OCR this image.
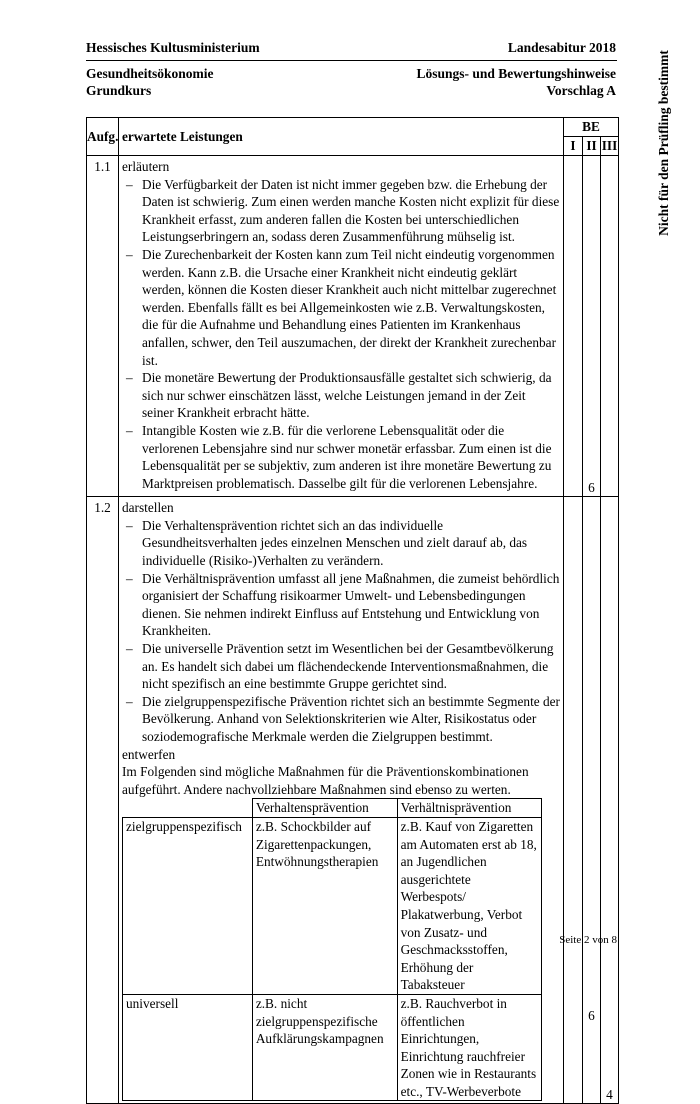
Hessisches Kultusministerium	Landesabitur 2018
Gesundheitsökonomie	Lösungs- und Bewertungshinweise
Grundkurs	Vorschlag A	Nicht für den Prüfling bestimmt
Aufg.	erwartete Leistungen	BE
I	II	III
1.1	erläutern
– Die Verfügbarkeit der Daten ist nicht immer gegeben bzw. die Erhebung der Daten ist schwierig. Zum einen werden manche Kosten nicht explizit für diese Krankheit erfasst, zum anderen fallen die Kosten bei unterschiedlichen Leistungserbringern an, sodass deren Zusammenführung mühselig ist.
– Die Zurechenbarkeit der Kosten kann zum Teil nicht eindeutig vorgenommen werden. Kann z.B. die Ursache einer Krankheit nicht eindeutig geklärt werden, können die Kosten dieser Krankheit auch nicht mittelbar zugerechnet werden. Ebenfalls fällt es bei Allgemeinkosten wie z.B. Verwaltungskosten, die für die Aufnahme und Behandlung eines Patienten im Krankenhaus anfallen, schwer, den Teil auszumachen, der direkt der Krankheit zurechenbar ist.
– Die monetäre Bewertung der Produktionsausfälle gestaltet sich schwierig, da sich nur schwer einschätzen lässt, welche Leistungen jemand in der Zeit seiner Krankheit erbracht hätte.
– Intangible Kosten wie z.B. für die verlorene Lebensqualität oder die verlorenen Lebensjahre sind nur schwer monetär erfassbar. Zum einen ist die Lebensqualität per se subjektiv, zum anderen ist ihre monetäre Bewertung zu Marktpreisen problematisch. Dasselbe gilt für die verlorenen Lebensjahre.		6	
1.2	darstellen
– Die Verhaltensprävention richtet sich an das individuelle Gesundheitsverhalten jedes einzelnen Menschen und zielt darauf ab, das individuelle (Risiko-)Verhalten zu verändern.
– Die Verhältnisprävention umfasst all jene Maßnahmen, die zumeist behördlich organisiert der Schaffung risikoarmer Umwelt- und Lebensbedingungen dienen. Sie nehmen indirekt Einfluss auf Entstehung und Entwicklung von Krankheiten.
– Die universelle Prävention setzt im Wesentlichen bei der Gesamtbevölkerung an. Es handelt sich dabei um flächendeckende Interventionsmaßnahmen, die nicht spezifisch an eine bestimmte Gruppe gerichtet sind.
– Die zielgruppenspezifische Prävention richtet sich an bestimmte Segmente der Bevölkerung. Anhand von Selektionskriterien wie Alter, Risikostatus oder soziodemografische Merkmale werden die Zielgruppen bestimmt.
entwerfen
Im Folgenden sind mögliche Maßnahmen für die Präventionskombinationen aufgeführt. Andere nachvollziehbare Maßnahmen sind ebenso zu werten.
	Verhaltensprävention	Verhältnisprävention
zielgruppenspezifisch	z.B. Schockbilder auf Zigarettenpackungen, Entwöhnungstherapien	z.B. Kauf von Zigaretten am Automaten erst ab 18, an Jugendlichen ausgerichtete Werbespots/ Plakatwerbung, Verbot von Zusatz- und Geschmacksstoffen, Erhöhung der Tabaksteuer
universell	z.B. nicht zielgruppenspezifische Aufklärungskampagnen	z.B. Rauchverbot in öffentlichen Einrichtungen, Einrichtung rauchfreier Zonen wie in Restaurants etc., TV-Werbeverbote
		6	4
Seite 2 von 8
